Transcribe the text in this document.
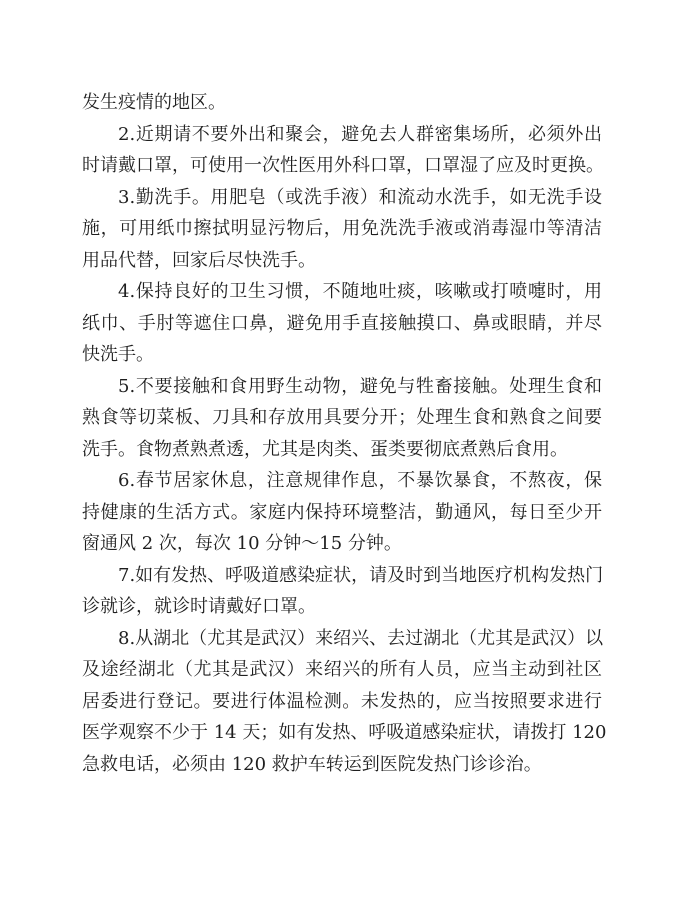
发生疫情的地区。
2.近期请不要外出和聚会，避免去人群密集场所，必须外出
时请戴口罩，可使用一次性医用外科口罩，口罩湿了应及时更换。
3.勤洗手。用肥皂（或洗手液）和流动水洗手，如无洗手设
施，可用纸巾擦拭明显污物后，用免洗洗手液或消毒湿巾等清洁
用品代替，回家后尽快洗手。
4.保持良好的卫生习惯，不随地吐痰，咳嗽或打喷嚏时，用
纸巾、手肘等遮住口鼻，避免用手直接触摸口、鼻或眼睛，并尽
快洗手。
5.不要接触和食用野生动物，避免与牲畜接触。处理生食和
熟食等切菜板、刀具和存放用具要分开；处理生食和熟食之间要
洗手。食物煮熟煮透，尤其是肉类、蛋类要彻底煮熟后食用。
6.春节居家休息，注意规律作息，不暴饮暴食，不熬夜，保
持健康的生活方式。家庭内保持环境整洁，勤通风，每日至少开
窗通风 2 次，每次 10 分钟～15 分钟。
7.如有发热、呼吸道感染症状，请及时到当地医疗机构发热门
诊就诊，就诊时请戴好口罩。
8.从湖北（尤其是武汉）来绍兴、去过湖北（尤其是武汉）以
及途经湖北（尤其是武汉）来绍兴的所有人员，应当主动到社区
居委进行登记。要进行体温检测。未发热的，应当按照要求进行
医学观察不少于 14 天；如有发热、呼吸道感染症状，请拨打 120
急救电话，必须由 120 救护车转运到医院发热门诊诊治。
